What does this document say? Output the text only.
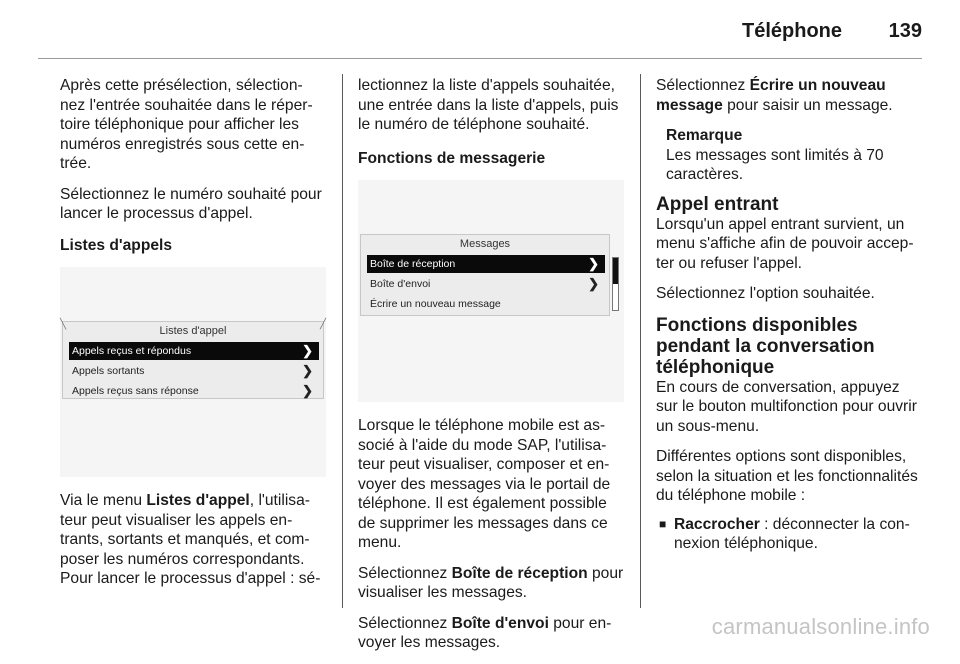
Téléphone 139

Après cette présélection, sélection-nez l'entrée souhaitée dans le réper-toire téléphonique pour afficher les numéros enregistrés sous cette en-trée.

Sélectionnez le numéro souhaité pour lancer le processus d'appel.

Listes d'appels

╲	╱
Listes d'appel
Appels reçus et répondus	❯
Appels sortants	❯
Appels reçus sans réponse	❯

Via le menu Listes d'appel, l'utilisa-teur peut visualiser les appels en-trants, sortants et manqués, et com-poser les numéros correspondants. Pour lancer le processus d'appel : sé-

lectionnez la liste d'appels souhaitée, une entrée dans la liste d'appels, puis le numéro de téléphone souhaité.

Fonctions de messagerie

Messages
Boîte de réception	❯
Boîte d'envoi	❯
Écrire un nouveau message

Lorsque le téléphone mobile est as-socié à l'aide du mode SAP, l'utilisa-teur peut visualiser, composer et en-voyer des messages via le portail de téléphone. Il est également possible de supprimer les messages dans ce menu.

Sélectionnez Boîte de réception pour visualiser les messages.

Sélectionnez Boîte d'envoi pour en-voyer les messages.

Sélectionnez Écrire un nouveau message pour saisir un message.

Remarque

Les messages sont limités à 70 caractères.

Appel entrant

Lorsqu'un appel entrant survient, un menu s'affiche afin de pouvoir accep-ter ou refuser l'appel.

Sélectionnez l'option souhaitée.

Fonctions disponibles pendant la conversation téléphonique

En cours de conversation, appuyez sur le bouton multifonction pour ouvrir un sous-menu.

Différentes options sont disponibles, selon la situation et les fonctionnalités du téléphone mobile :

■ Raccrocher : déconnecter la con-nexion téléphonique.
carmanualsonline.info
